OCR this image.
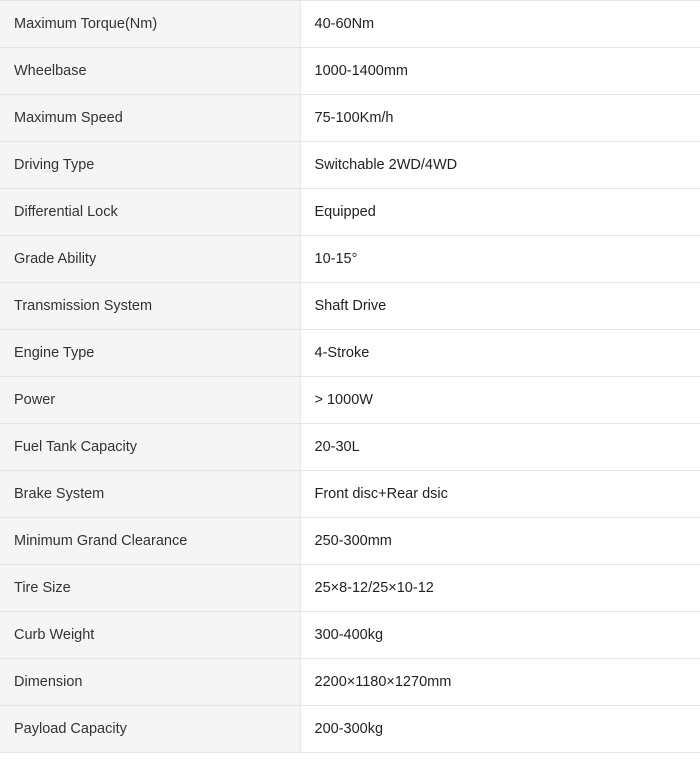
Maximum Torque(Nm)	40-60Nm
Wheelbase	1000-1400mm
Maximum Speed	75-100Km/h
Driving Type	Switchable 2WD/4WD
Differential Lock	Equipped
Grade Ability	10-15°
Transmission System	Shaft Drive
Engine Type	4-Stroke
Power	> 1000W
Fuel Tank Capacity	20-30L
Brake System	Front disc+Rear dsic
Minimum Grand Clearance	250-300mm
Tire Size	25×8-12/25×10-12
Curb Weight	300-400kg
Dimension	2200×1180×1270mm
Payload Capacity	200-300kg
